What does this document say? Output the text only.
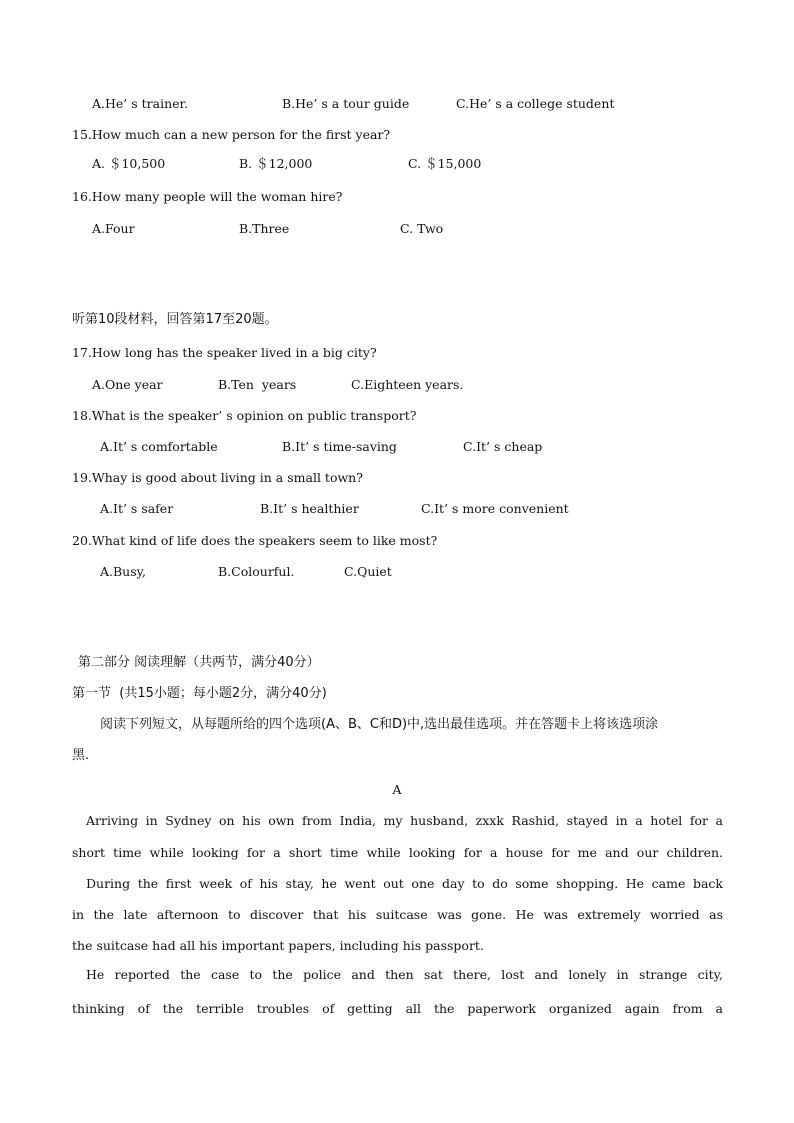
A.He’ s trainer.	B.He’ s a tour guide	C.He’ s a college student
15.How much can a new person for the first year?
A. ＄10,500	B. ＄12,000	C. ＄15,000
16.How many people will the woman hire?
A.Four	B.Three	C. Two
听第10段材料，回答第17至20题。
17.How long has the speaker lived in a big city?
A.One year	B.Ten  years	C.Eighteen years.
18.What is the speaker’ s opinion on public transport?
A.It’ s comfortable	B.It’ s time-saving	C.It’ s cheap
19.Whay is good about living in a small town?
A.It’ s safer	B.It’ s healthier	C.It’ s more convenient
20.What kind of life does the speakers seem to like most?
A.Busy,	B.Colourful.	C.Quiet
第二部分 阅读理解（共两节，满分40分）
第一节  (共15小题；每小题2分，满分40分)
阅读下列短文，从每题所给的四个选项(A、B、C和D)中,选出最佳选项。并在答题卡上将该选项涂
黑.
A
Arriving in Sydney on his own from India, my husband, zxxk Rashid, stayed in a hotel for a
short time while looking for a short time while looking for a house for me and our children.
During the first week of his stay, he went out one day to do some shopping. He came back
in the late afternoon to discover that his suitcase was gone. He was extremely worried as
the suitcase had all his important papers, including his passport.
He reported the case to the police and then sat there, lost and lonely in strange city,
thinking of the terrible troubles of getting all the paperwork organized again from a
